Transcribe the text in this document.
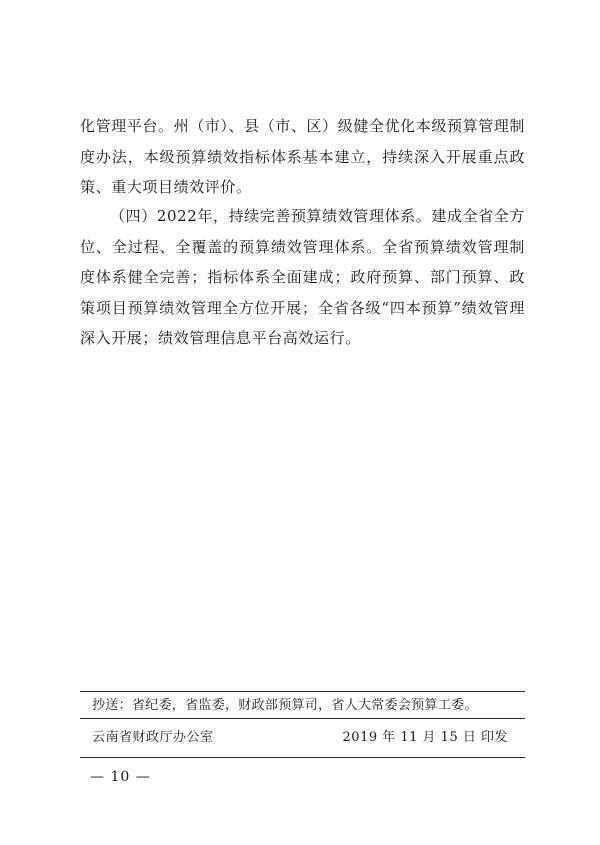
化管理平台。州（市）、县（市、区）级健全优化本级预算管理制度办法，本级预算绩效指标体系基本建立，持续深入开展重点政策、重大项目绩效评价。
（四）2022年，持续完善预算绩效管理体系。建成全省全方位、全过程、全覆盖的预算绩效管理体系。全省预算绩效管理制度体系健全完善；指标体系全面建成；政府预算、部门预算、政策项目预算绩效管理全方位开展；全省各级“四本预算”绩效管理深入开展；绩效管理信息平台高效运行。
抄送：省纪委，省监委，财政部预算司，省人大常委会预算工委。
云南省财政厅办公室	2019 年 11 月 15 日 印发
— 10 —
